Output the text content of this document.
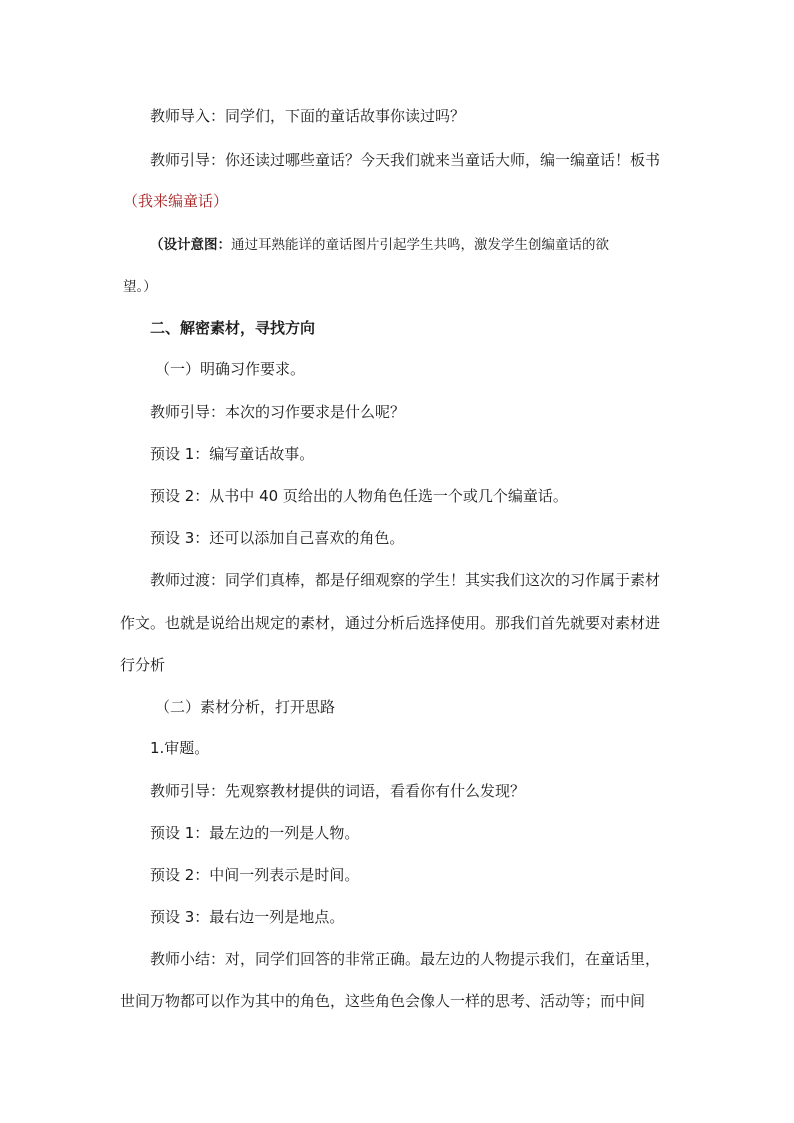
教师导入：同学们，下面的童话故事你读过吗？
教师引导：你还读过哪些童话？今天我们就来当童话大师，编一编童话！板书
（我来编童话）
（设计意图：通过耳熟能详的童话图片引起学生共鸣，激发学生创编童话的欲
望。）
二、解密素材，寻找方向
（一）明确习作要求。
教师引导：本次的习作要求是什么呢？
预设 1：编写童话故事。
预设 2：从书中 40 页给出的人物角色任选一个或几个编童话。
预设 3：还可以添加自己喜欢的角色。
教师过渡：同学们真棒，都是仔细观察的学生！其实我们这次的习作属于素材
作文。也就是说给出规定的素材，通过分析后选择使用。那我们首先就要对素材进
行分析
（二）素材分析，打开思路
1.审题。
教师引导：先观察教材提供的词语，看看你有什么发现？
预设 1：最左边的一列是人物。
预设 2：中间一列表示是时间。
预设 3：最右边一列是地点。
教师小结：对，同学们回答的非常正确。最左边的人物提示我们，在童话里，
世间万物都可以作为其中的角色，这些角色会像人一样的思考、活动等；而中间
